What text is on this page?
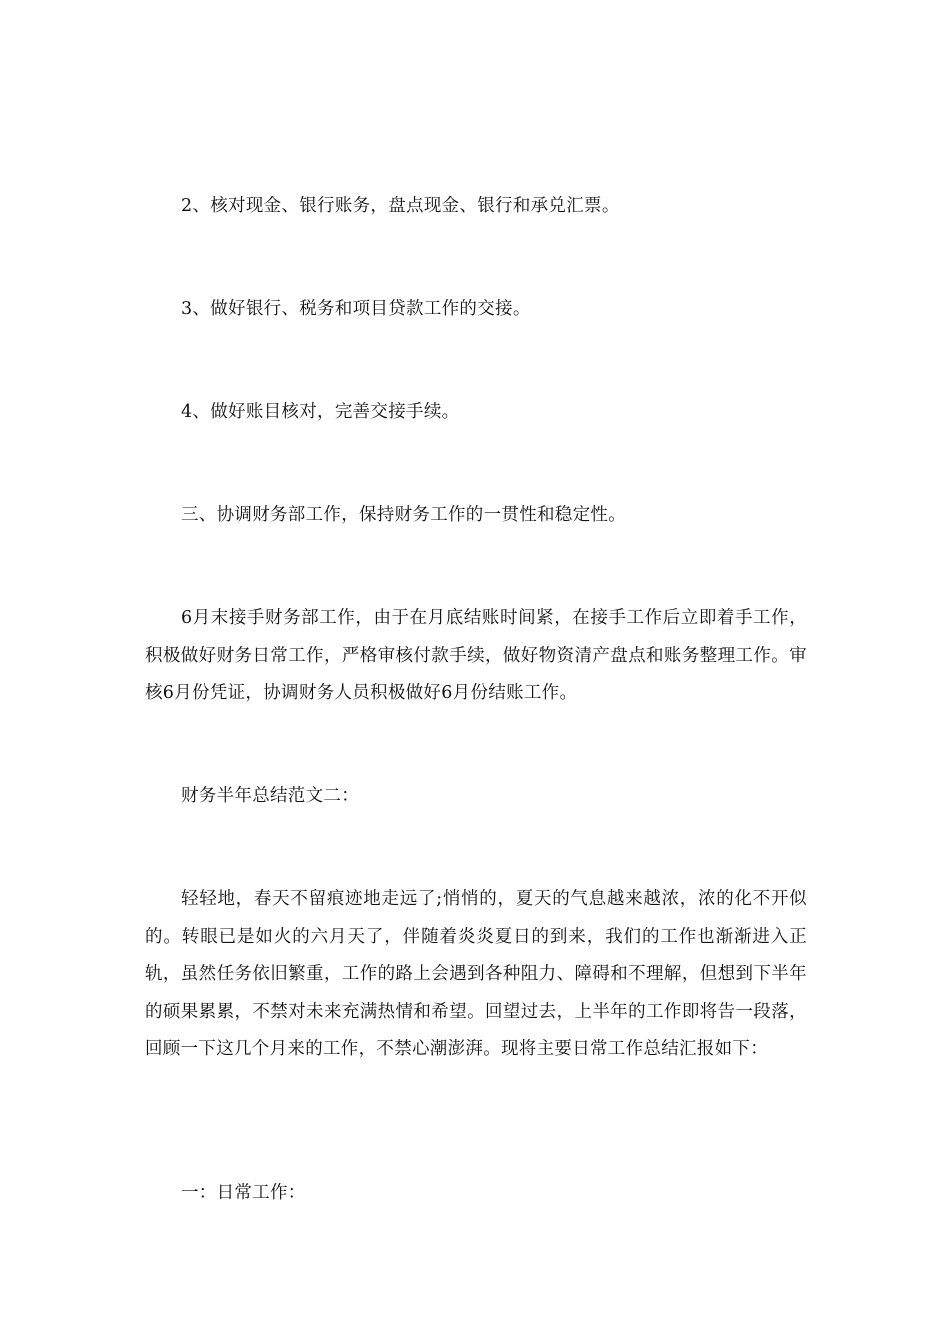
2、核对现金、银行账务，盘点现金、银行和承兑汇票。

3、做好银行、税务和项目贷款工作的交接。

4、做好账目核对，完善交接手续。

三、协调财务部工作，保持财务工作的一贯性和稳定性。

6月末接手财务部工作，由于在月底结账时间紧，在接手工作后立即着手工作，积极做好财务日常工作，严格审核付款手续，做好物资清产盘点和账务整理工作。审核6月份凭证，协调财务人员积极做好6月份结账工作。

财务半年总结范文二：

轻轻地，春天不留痕迹地走远了;悄悄的，夏天的气息越来越浓，浓的化不开似的。转眼已是如火的六月天了，伴随着炎炎夏日的到来，我们的工作也渐渐进入正轨，虽然任务依旧繁重，工作的路上会遇到各种阻力、障碍和不理解，但想到下半年的硕果累累，不禁对未来充满热情和希望。回望过去，上半年的工作即将告一段落，回顾一下这几个月来的工作，不禁心潮澎湃。现将主要日常工作总结汇报如下：

一：日常工作：
